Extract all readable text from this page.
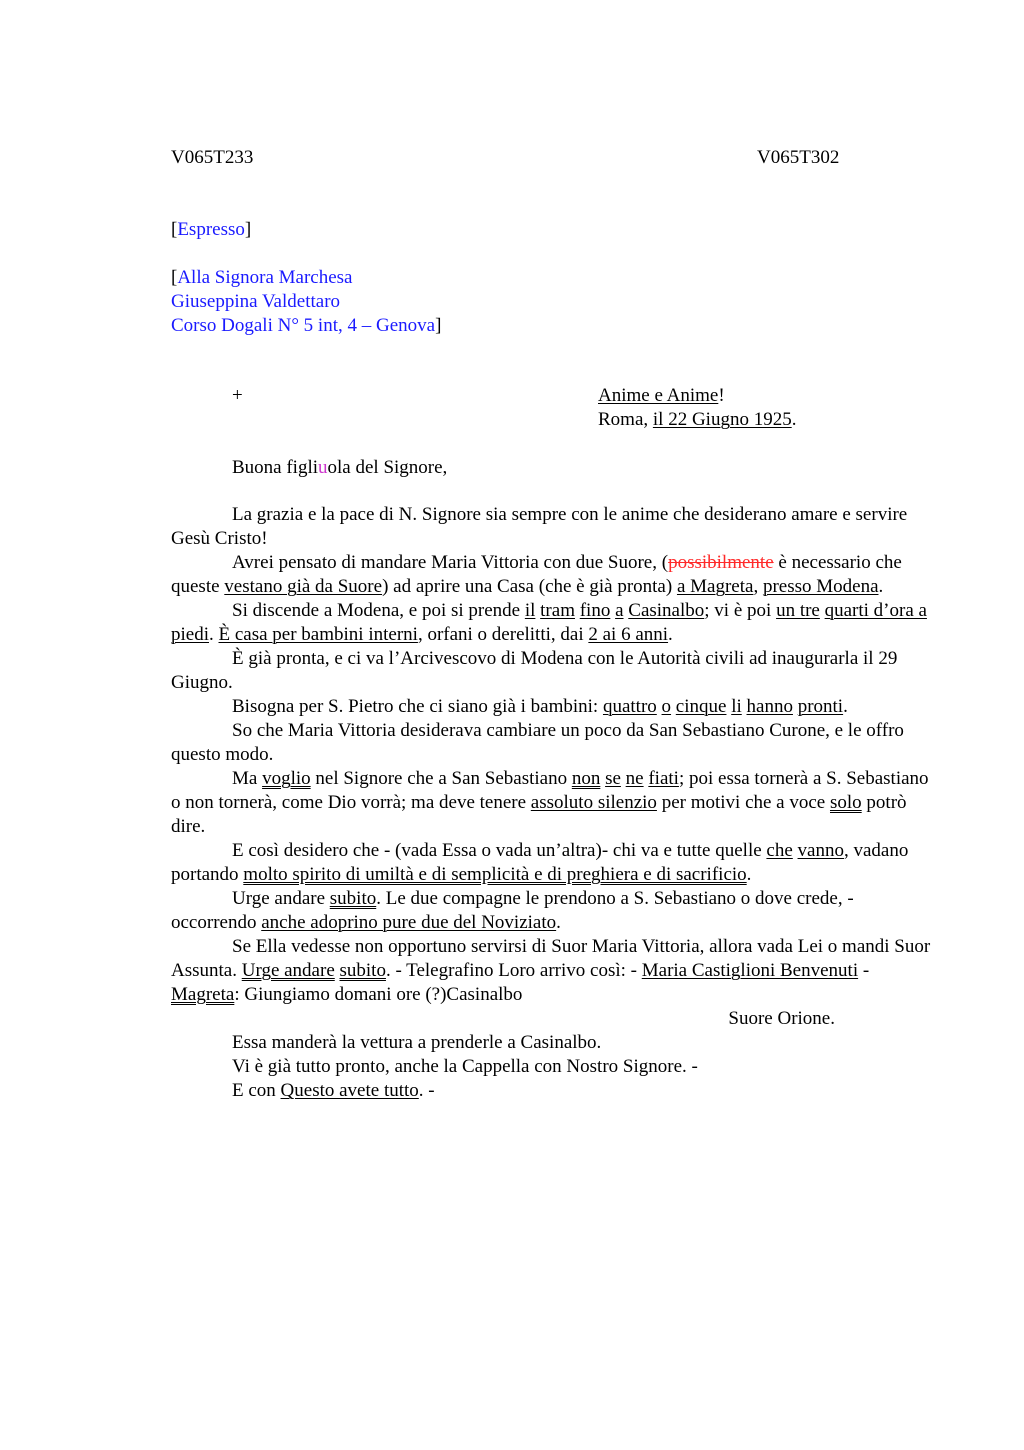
V065T233	V065T302
[Espresso]
[Alla Signora Marchesa
Giuseppina Valdettaro
Corso Dogali N° 5 int, 4 – Genova]
+	Anime e Anime!
Roma, il 22 Giugno 1925.
Buona figliuola del Signore,

La grazia e la pace di N. Signore sia sempre con le anime che desiderano amare e servire Gesù Cristo!

Avrei pensato di mandare Maria Vittoria con due Suore, (possibilmente è necessario che queste vestano già da Suore) ad aprire una Casa (che è già pronta) a Magreta, presso Modena.

Si discende a Modena, e poi si prende il tram fino a Casinalbo; vi è poi un tre quarti d’ora a piedi. È casa per bambini interni, orfani o derelitti, dai 2 ai 6 anni.

È già pronta, e ci va l’Arcivescovo di Modena con le Autorità civili ad inaugurarla il 29 Giugno.

Bisogna per S. Pietro che ci siano già i bambini: quattro o cinque li hanno pronti.

So che Maria Vittoria desiderava cambiare un poco da San Sebastiano Curone, e le offro questo modo.

Ma voglio nel Signore che a San Sebastiano non se ne fiati; poi essa tornerà a S. Sebastiano o non tornerà, come Dio vorrà; ma deve tenere assoluto silenzio per motivi che a voce solo potrò dire.

E così desidero che - (vada Essa o vada un’altra)- chi va e tutte quelle che vanno, vadano portando molto spirito di umiltà e di semplicità e di preghiera e di sacrificio.

Urge andare subito. Le due compagne le prendono a S. Sebastiano o dove crede, - occorrendo anche adoprino pure due del Noviziato.

Se Ella vedesse non opportuno servirsi di Suor Maria Vittoria, allora vada Lei o mandi Suor Assunta. Urge andare subito. - Telegrafino Loro arrivo così: - Maria Castiglioni Benvenuti - Magreta: Giungiamo domani ore (?)Casinalbo

Suore Orione.

Essa manderà la vettura a prenderle a Casinalbo.

Vi è già tutto pronto, anche la Cappella con Nostro Signore. -

E con Questo avete tutto. -
